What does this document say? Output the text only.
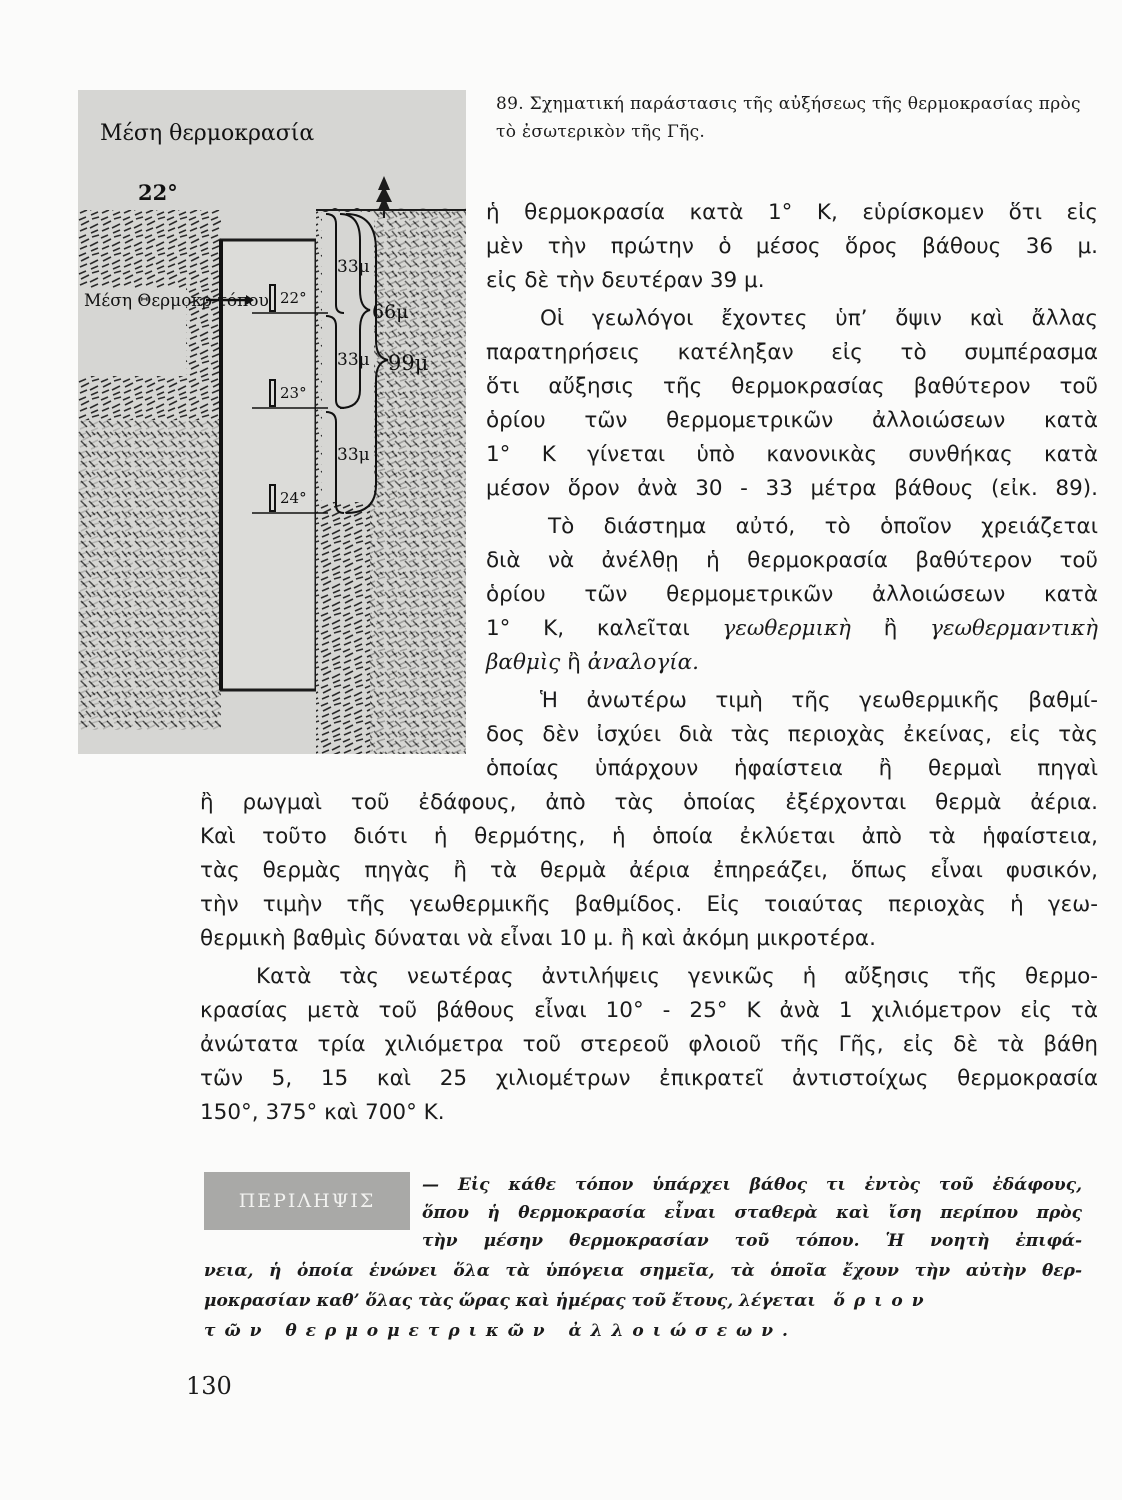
Μέση θερμοκρασία
22°
Μέση Θερμοκρ τόπου 22°
23°
24°
33μ
33μ
33μ
66μ
99μ

89. Σχηματική παράστασις τῆς αὐξήσεως τῆς θερμοκρασίας πρὸς τὸ ἐσωτερικὸν τῆς Γῆς.

ἡ θερμοκρασία κατὰ 1° Κ, εὑρίσκομεν ὅτι εἰς

μὲν τὴν πρώτην ὁ μέσος ὅρος βάθους 36 μ.

εἰς δὲ τὴν δευτέραν 39 μ.

Οἱ γεωλόγοι ἔχοντες ὑπ’ ὄψιν καὶ ἄλλας

παρατηρήσεις κατέληξαν εἰς τὸ συμπέρασμα

ὅτι αὔξησις τῆς θερμοκρασίας βαθύτερον τοῦ

ὁρίου τῶν θερμομετρικῶν ἀλλοιώσεων κατὰ

1° Κ γίνεται ὑπὸ κανονικὰς συνθήκας κατὰ

μέσον ὅρον ἀνὰ 30 - 33 μέτρα βάθους (εἰκ. 89).

Τὸ διάστημα αὐτό, τὸ ὁποῖον χρειάζεται

διὰ νὰ ἀνέλθῃ ἡ θερμοκρασία βαθύτερον τοῦ

ὁρίου τῶν θερμομετρικῶν ἀλλοιώσεων κατὰ

1° Κ, καλεῖται γεωθερμικὴ ἢ γεωθερμαντικὴ

βαθμὶς ἢ ἀναλογία.

Ἡ ἀνωτέρω τιμὴ τῆς γεωθερμικῆς βαθμί-

δος δὲν ἰσχύει διὰ τὰς περιοχὰς ἐκείνας, εἰς τὰς

ὁποίας ὑπάρχουν ἡφαίστεια ἢ θερμαὶ πηγαὶ

ἢ ρωγμαὶ τοῦ ἐδάφους, ἀπὸ τὰς ὁποίας ἐξέρχονται θερμὰ ἀέρια.

Καὶ τοῦτο διότι ἡ θερμότης, ἡ ὁποία ἐκλύεται ἀπὸ τὰ ἡφαίστεια,

τὰς θερμὰς πηγὰς ἢ τὰ θερμὰ ἀέρια ἐπηρεάζει, ὅπως εἶναι φυσικόν,

τὴν τιμὴν τῆς γεωθερμικῆς βαθμίδος. Εἰς τοιαύτας περιοχὰς ἡ γεω-

θερμικὴ βαθμὶς δύναται νὰ εἶναι 10 μ. ἢ καὶ ἀκόμη μικροτέρα.

Κατὰ τὰς νεωτέρας ἀντιλήψεις γενικῶς ἡ αὔξησις τῆς θερμο-

κρασίας μετὰ τοῦ βάθους εἶναι 10° - 25° Κ ἀνὰ 1 χιλιόμετρον εἰς τὰ

ἀνώτατα τρία χιλιόμετρα τοῦ στερεοῦ φλοιοῦ τῆς Γῆς, εἰς δὲ τὰ βάθη

τῶν 5, 15 καὶ 25 χιλιομέτρων ἐπικρατεῖ ἀντιστοίχως θερμοκρασία

150°, 375° καὶ 700° Κ.

ΠΕΡΙΛΗΨΙΣ

— Εἰς κάθε τόπον ὑπάρχει βάθος τι ἐντὸς τοῦ ἐδάφους,

ὅπου ἡ θερμοκρασία εἶναι σταθερὰ καὶ ἴση περίπου πρὸς

τὴν μέσην θερμοκρασίαν τοῦ τόπου. Ἡ νοητὴ ἐπιφά-

νεια, ἡ ὁποία ἑνώνει ὅλα τὰ ὑπόγεια σημεῖα, τὰ ὁποῖα ἔχουν τὴν αὐτὴν θερ-

μοκρασίαν καθ’ ὅλας τὰς ὥρας καὶ ἡμέρας τοῦ ἔτους, λέγεται ὅριον

τῶν θερμομετρικῶν ἀλλοιώσεων.

130
